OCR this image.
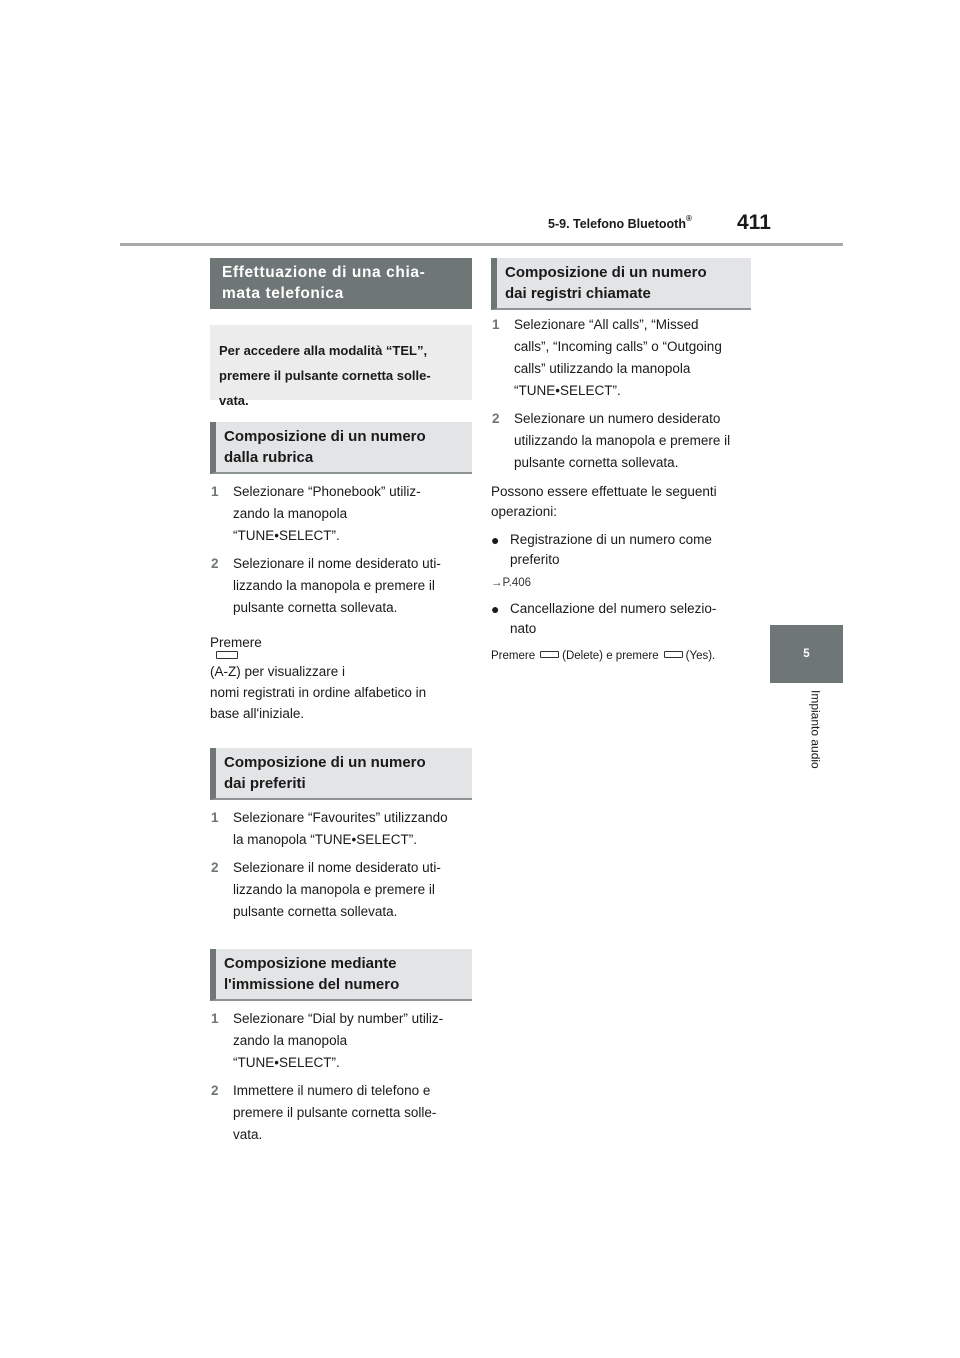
5-9. Telefono Bluetooth® 411
5
Impianto audio
Effettuazione di una chia-
mata telefonica
Per accedere alla modalità “TEL”,
premere il pulsante cornetta solle-
vata.
Composizione di un numero
dalla rubrica
1	Selezionare “Phonebook” utiliz-
zando la manopola
“TUNE•SELECT”.
2	Selezionare il nome desiderato uti-
lizzando la manopola e premere il
pulsante cornetta sollevata.
Premere
(A-Z) per visualizzare i
nomi registrati in ordine alfabetico in
base all'iniziale.
Composizione di un numero
dai preferiti
1	Selezionare “Favourites” utilizzando
la manopola “TUNE•SELECT”.
2	Selezionare il nome desiderato uti-
lizzando la manopola e premere il
pulsante cornetta sollevata.
Composizione mediante
l'immissione del numero
1	Selezionare “Dial by number” utiliz-
zando la manopola
“TUNE•SELECT”.
2	Immettere il numero di telefono e
premere il pulsante cornetta solle-
vata.
Composizione di un numero
dai registri chiamate
1	Selezionare “All calls”, “Missed
calls”, “Incoming calls” o “Outgoing
calls” utilizzando la manopola
“TUNE•SELECT”.
2	Selezionare un numero desiderato
utilizzando la manopola e premere il
pulsante cornetta sollevata.
Possono essere effettuate le seguenti
operazioni:
● Registrazione di un numero come
preferito
→P.406
● Cancellazione del numero selezio-
nato
Premere (Delete) e premere (Yes).
